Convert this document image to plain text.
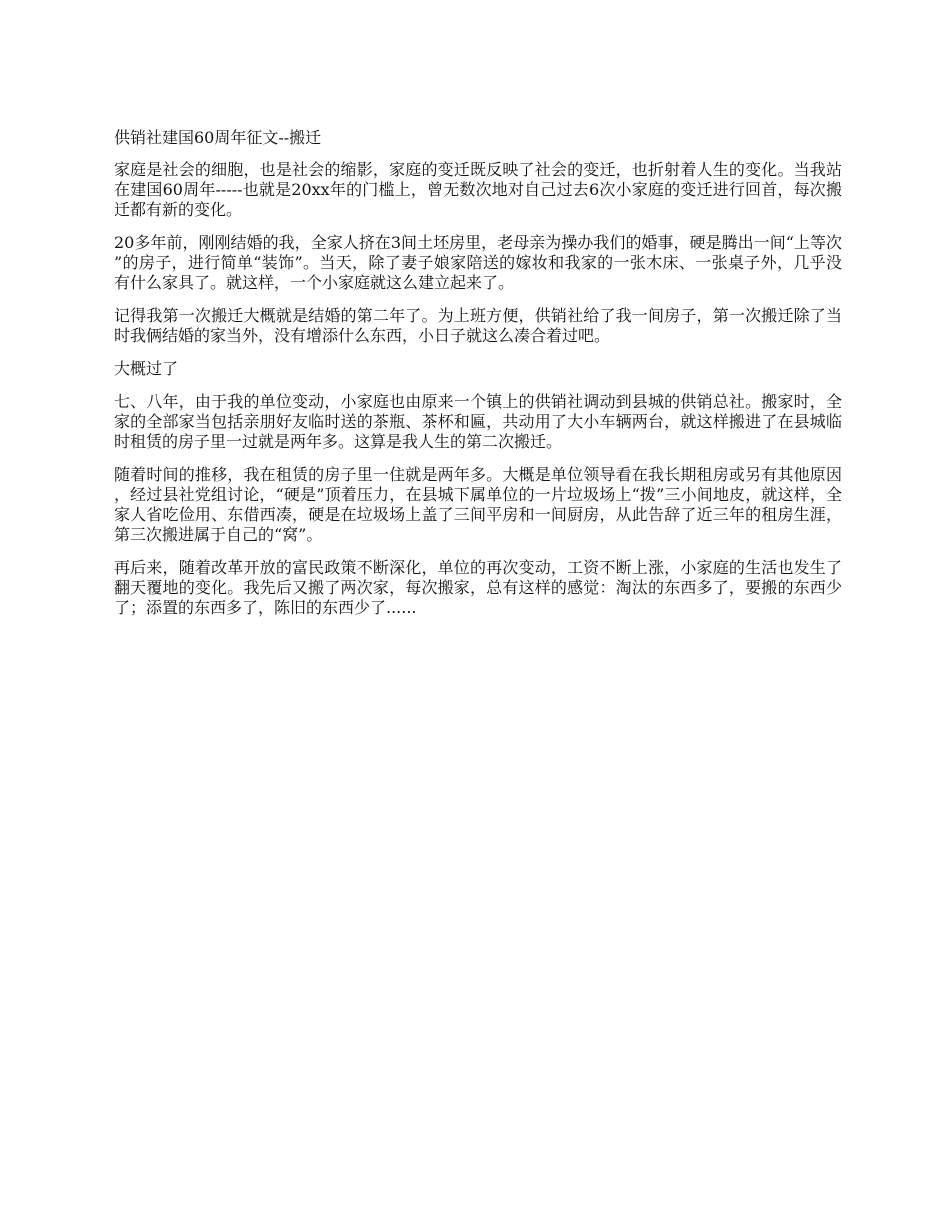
供销社建国60周年征文--搬迁

家庭是社会的细胞，也是社会的缩影，家庭的变迁既反映了社会的变迁，也折射着人生的变化。当我站在建国60周年-----也就是20xx年的门槛上，曾无数次地对自己过去6次小家庭的变迁进行回首，每次搬迁都有新的变化。

20多年前，刚刚结婚的我，全家人挤在3间土坯房里，老母亲为操办我们的婚事，硬是腾出一间“上等次”的房子，进行简单“装饰”。当天，除了妻子娘家陪送的嫁妆和我家的一张木床、一张桌子外，几乎没有什么家具了。就这样，一个小家庭就这么建立起来了。

记得我第一次搬迁大概就是结婚的第二年了。为上班方便，供销社给了我一间房子，第一次搬迁除了当时我俩结婚的家当外，没有增添什么东西，小日子就这么凑合着过吧。

大概过了

七、八年，由于我的单位变动，小家庭也由原来一个镇上的供销社调动到县城的供销总社。搬家时，全家的全部家当包括亲朋好友临时送的茶瓶、茶杯和匾，共动用了大小车辆两台，就这样搬进了在县城临时租赁的房子里一过就是两年多。这算是我人生的第二次搬迁。

随着时间的推移，我在租赁的房子里一住就是两年多。大概是单位领导看在我长期租房或另有其他原因，经过县社党组讨论，“硬是”顶着压力，在县城下属单位的一片垃圾场上“拨”三小间地皮，就这样，全家人省吃俭用、东借西凑，硬是在垃圾场上盖了三间平房和一间厨房，从此告辞了近三年的租房生涯，第三次搬进属于自己的“窝”。

再后来，随着改革开放的富民政策不断深化，单位的再次变动，工资不断上涨，小家庭的生活也发生了翻天覆地的变化。我先后又搬了两次家，每次搬家，总有这样的感觉：淘汰的东西多了，要搬的东西少了；添置的东西多了，陈旧的东西少了......
